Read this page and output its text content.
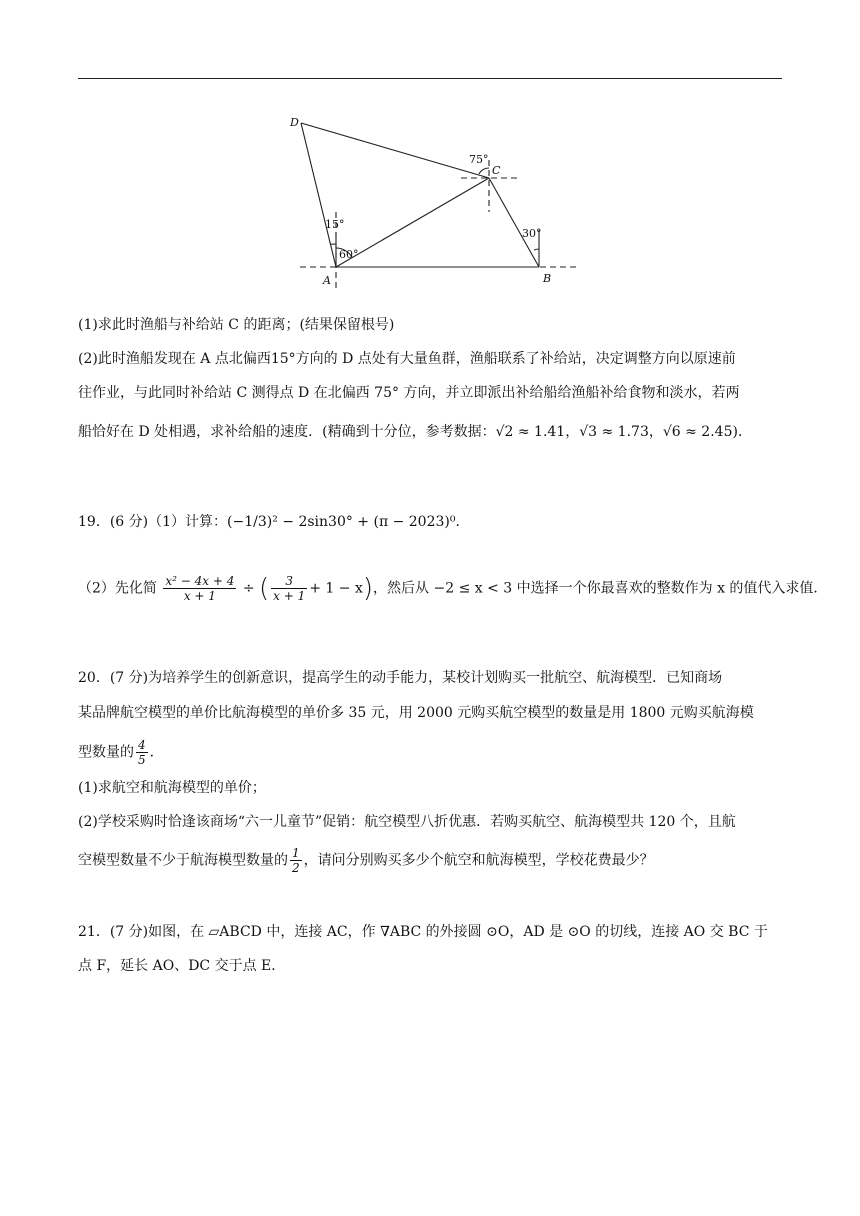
D
C
A	B
75°
15°
60°
30°
(1)求此时渔船与补给站 C 的距离；(结果保留根号)
(2)此时渔船发现在 A 点北偏西15°方向的 D 点处有大量鱼群，渔船联系了补给站，决定调整方向以原速前
往作业，与此同时补给站 C 测得点 D 在北偏西 75° 方向，并立即派出补给船给渔船补给食物和淡水，若两
船恰好在 D 处相遇，求补给船的速度．(精确到十分位，参考数据：√2 ≈ 1.41，√3 ≈ 1.73，√6 ≈ 2.45)．
19．(6 分)（1）计算：(−1/3)² − 2sin30° + (π − 2023)⁰．
（2）先化简 $\frac{\text{x² − 4x + 4}}{x + 1}$ ÷ ( $\frac{3}{x + 1} + 1 - x$)，然后从 −2 ≤ x < 3 中选择一个你最喜欢的整数作为 x 的值代入求值．
20．(7 分)为培养学生的创新意识，提高学生的动手能力，某校计划购买一批航空、航海模型．已知商场
某品牌航空模型的单价比航海模型的单价多 35 元，用 2000 元购买航空模型的数量是用 1800 元购买航海模
型数量的 $\frac{4}{5}$ ．
(1)求航空和航海模型的单价；
(2)学校采购时恰逢该商场“六一儿童节”促销：航空模型八折优惠．若购买航空、航海模型共 120 个，且航
空模型数量不少于航海模型数量的 $\frac{1}{2}$ ，请问分别购买多少个航空和航海模型，学校花费最少？
21．(7 分)如图，在 ▱ABCD 中，连接 AC，作 ∇ABC 的外接圆 ⊙O，AD 是 ⊙O 的切线，连接 AO 交 BC 于
点 F，延长 AO、DC 交于点 E．
